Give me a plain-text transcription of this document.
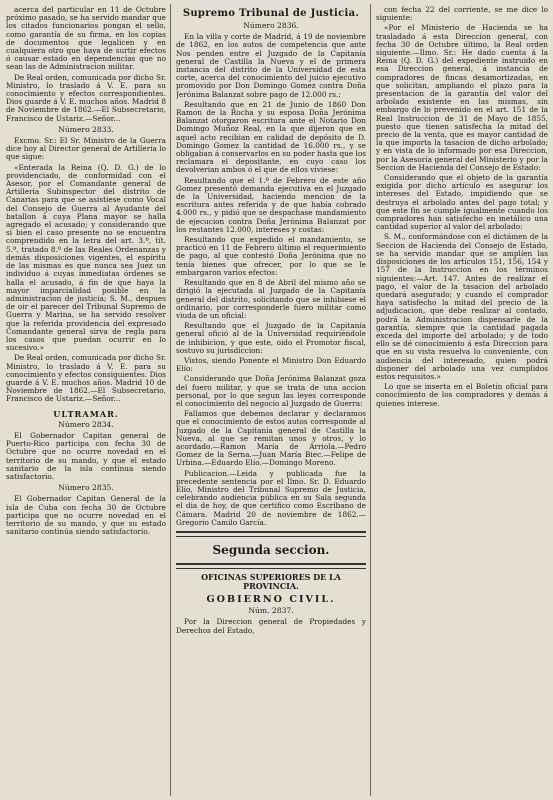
acerca del particular en 11 de Octubre próximo pasado, se ha servido mandar que los citados funcionarios pongan el sello, como garantía de su firma, en los copias de documentos que legalicen y en cualquiera otro que haya de surtir efectos ó causar estado en dependencias que no sean las de Administracion militar.

De Real orden, comunicada por dicho Sr. Ministro, lo traslado á V. E. para su conocimiento y efectos correspondientes. Dios guarde á V. E. muchos años. Madrid 8 de Noviembre de 1862.—El Subsecretario, Francisco de Ustariz.—Señor...

Número 2833.

Excmo. Sr.: El Sr. Ministro de la Guerra dice hoy al Director general de Artillería lo que sigue:

«Enterada la Reina (Q. D. G.) de lo providenciado, de conformidad con el Asesor, por el Comandante general de Artillería Subinspector del distrito de Canarias para que se asistiese como Vocal del Consejo de Guerra al Ayudante del batallon á cuya Plana mayor se halla agregado el acusado; y considerando que si bien el caso presente no se encuentra comprendido en la letra del art. 3.º, tít. 5.º, tratado 8.º de las Reales Ordenanzas y demás disposiciones vigentes, el espíritu de las mismas es que nunca sea Juez un individuo á cuyas inmediatas órdenes se halla el acusado, á fin de que haya la mayor imparcialidad posible en la administracion de justicia; S. M., despues de oir el parecer del Tribunal Supremo de Guerra y Marina, se ha servido resolver que la referida providencia del expresado Comandante general sirva de regla para los casos que puedan ocurrir en lo sucesivo.»

De Real orden, comunicada por dicho Sr. Ministro, lo traslado á V. E. para su conocimiento y efectos consiguientes. Dios guarde á V. E. muchos años. Madrid 10 de Noviembre de 1862.—El Subsecretario, Francisco de Ustariz.—Señor...

ULTRAMAR.
Número 2834.

El Gobernador Capitan general de Puerto-Rico participa con fecha 30 de Octubre que no ocurre novedad en el territorio de su mando, y que el estado sanitario de la isla contínua siendo satisfactorio.

Número 2835.

El Gobernador Capitan General de la isla de Cuba con fecha 30 de Octubre participa que no ocurre novedad en el territorio de su mando, y que su estado sanitario continúa siendo satisfactorio.

Supremo Tribunal de Justicia.
Número 2836.

En la villa y corte de Madrid, á 19 de noviembre de 1862, en los autos de competencia que ante Nos penden entre el Juzgado de la Capitanía general de Castilla la Nueva y el de primera instancia del distrito de la Universidad de esta corte, acerca del conocimiento del juicio ejecutivo promovido por Don Domingo Gomez contra Doña Jerónima Balanzat sobre pago de 12.000 rs.:

Resultando que en 21 de Junio de 1860 Don Ramon de la Rocha y su esposa Doña Jerónima Balanzat otorgaron escritura ante el Notario Don Domingo Muñoz Real, en la que dijeron que en aquel acto recibian en calidad de depósito de D. Domingo Gomez la cantidad de 16.000 rs., y se obligaban á conservarlos en su poder hasta que los reclamara el depositante, en cuyo caso los devolverian ambos ó el que de ellos viviese:

Resultando que el 1.º de Febrero de este año Gomez presentó demanda ejecutiva en el Juzgado de la Universidad, haciendo mencion de la escritura antes referida y de que había cobrado 4.000 rs., y pidió que se despachase mandamiento de ejecucion contra Doña Jerónima Balanzat por los restantes 12.000, intereses y costas:

Resultando que expedido el mandamiento, se practicó en 11 de Febrero último el requerimiento de pago, al que contestó Doña Jerónima que no tenía bienes que ofrecer, por lo que se le embargaron varios efectos:

Resultando que en 8 de Abril del mismo año se dirigió la ejecutada al Juzgado de la Capitanía general del distrito, solicitando que se inhibiese el ordinario, por corresponderle fuero militar como viuda de un oficial:

Resultando que el Juzgado de la Capitanía general ofició al de la Universidad requiriéndole de inhibicion, y que este, oido el Promotor fiscal, sostuvo su jurisdiccion:

Vistos, siendo Ponente el Ministro Don Eduardo Elío:

Considerando que Doña Jerónima Balanzat goza del fuero militar, y que se trata de una accion personal, por lo que segun las leyes corresponde el conocimiento del negocio al Juzgado de Guerra:

Fallamos que debemos declarar y declaramos que el conocimiento de estos autos corresponde al Juzgado de la Capitanía general de Castilla la Nueva, al que se remitan unos y otros, y lo acordado.—Ramon María de Arriola.—Pedro Gomez de la Serna.—Juan María Biec.—Felipe de Urbina.—Eduardo Elío.—Domingo Moreno.

Publicacion.—Leida y publicada fue la precedente sentencia por el Ilmo. Sr. D. Eduardo Elío, Ministro del Tribunal Supremo de Justicia, celebrando audiencia pública en su Sala segunda el dia de hoy, de que certifico como Escribano de Cámara. Madrid 20 de noviembre de 1862.—Gregorio Camilo García.

Segunda seccion.
OFICINAS SUPERIORES DE LA PROVINCIA.
GOBIERNO CIVIL.
Núm. 2837.

Por la Direccion general de Propiedades y Derechos del Estado,

con fecha 22 del corriente, se me dice lo siguiente:

«Por el Ministerio de Hacienda se ha trasladado á esta Direccion general, con fecha 30 de Octubre último, la Real orden siguiente.—Ilmo. Sr.: He dado cuenta á la Reina (Q. D. G.) del expediente instruido en esa Direccion general, á instancia de compradores de fincas desamortizadas, en que solicitan, ampliando el plazo para la presentacion de la garantía del valor del arbolado existente en las mismas, sin embargo de lo prevenido en el art. 151 de la Real Instruccion de 31 de Mayo de 1855, puesto que tienen satisfecha la mitad del precio de la venta, que es mayor cantidad de la que importa la tasacion de dicho arbolado; y en vista de lo informado por esa Direccion, por la Asesoría general del Ministerio y por la Seccion de Hacienda del Consejo de Estado:

Considerando que el objeto de la garantía exigida por dicho artículo es asegurar los intereses del Estado, impidiendo que se destruya el arbolado antes del pago total; y que este fin se cumple igualmente cuando los compradores han satisfecho en metálico una cantidad superior al valor del arbolado:

S. M., conformándose con el dictámen de la Seccion de Hacienda del Consejo de Estado, se ha servido mandar que se amplíen las disposiciones de los artículos 151, 156, 154 y 157 de la Instruccion en los términos siguientes:—Art. 147. Antes de realizar el pago, el valor de la tasacion del arbolado quedará asegurado; y cuando el comprador haya satisfecho la mitad del precio de la adjudicacion, que debe realizar al contado, podrá la Administracion dispensarle de la garantía, siempre que la cantidad pagada exceda del importe del arbolado; y de todo ello se dé conocimiento á esta Direccion para que en su vista resuelva lo conveniente, con audiencia del interesado, quien podrá disponer del arbolado una vez cumplidos estos requisitos.»

Lo que se inserta en el Boletin oficial para conocimiento de los compradores y demás á quienes interese.
